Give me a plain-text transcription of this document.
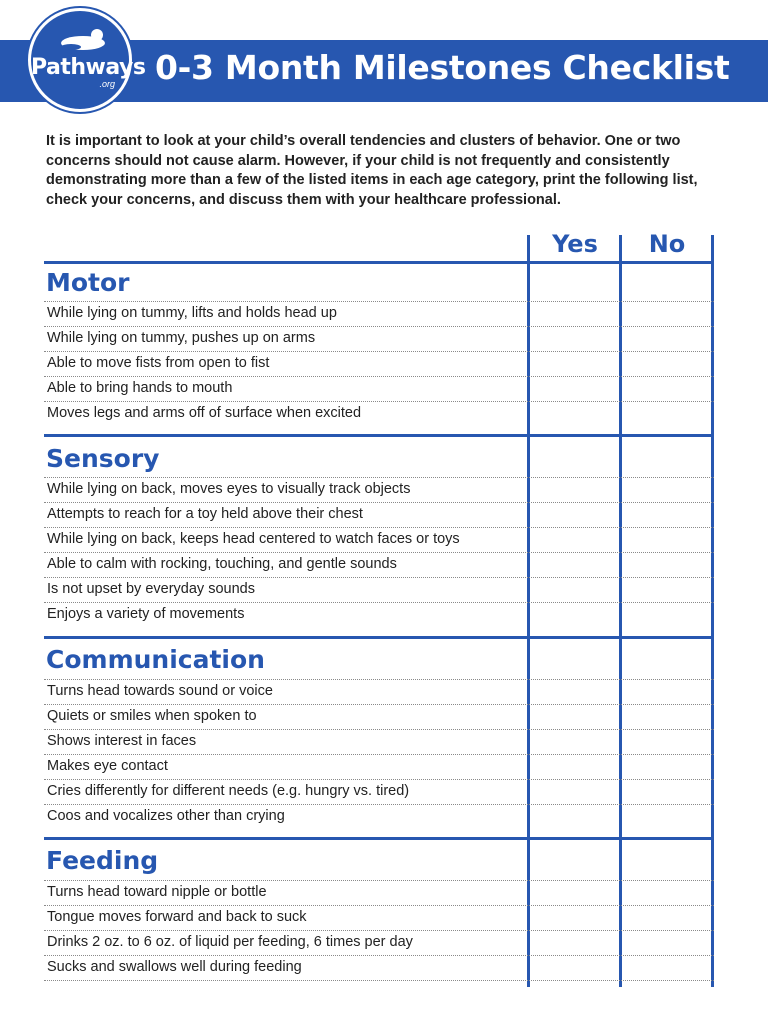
Pathways
.org 0-3 Month Milestones Checklist

It is important to look at your child’s overall tendencies and clusters of behavior. One or two concerns should not cause alarm. However, if your child is not frequently and consistently demonstrating more than a few of the listed items in each age category, print the following list, check your concerns, and discuss them with your healthcare professional.

Yes	No
Motor
While lying on tummy, lifts and holds head up
While lying on tummy, pushes up on arms
Able to move fists from open to fist
Able to bring hands to mouth
Moves legs and arms off of surface when excited
Sensory
While lying on back, moves eyes to visually track objects
Attempts to reach for a toy held above their chest
While lying on back, keeps head centered to watch faces or toys
Able to calm with rocking, touching, and gentle sounds
Is not upset by everyday sounds
Enjoys a variety of movements
Communication
Turns head towards sound or voice
Quiets or smiles when spoken to
Shows interest in faces
Makes eye contact
Cries differently for different needs (e.g. hungry vs. tired)
Coos and vocalizes other than crying
Feeding
Turns head toward nipple or bottle
Tongue moves forward and back to suck
Drinks 2 oz. to 6 oz. of liquid per feeding, 6 times per day
Sucks and swallows well during feeding
